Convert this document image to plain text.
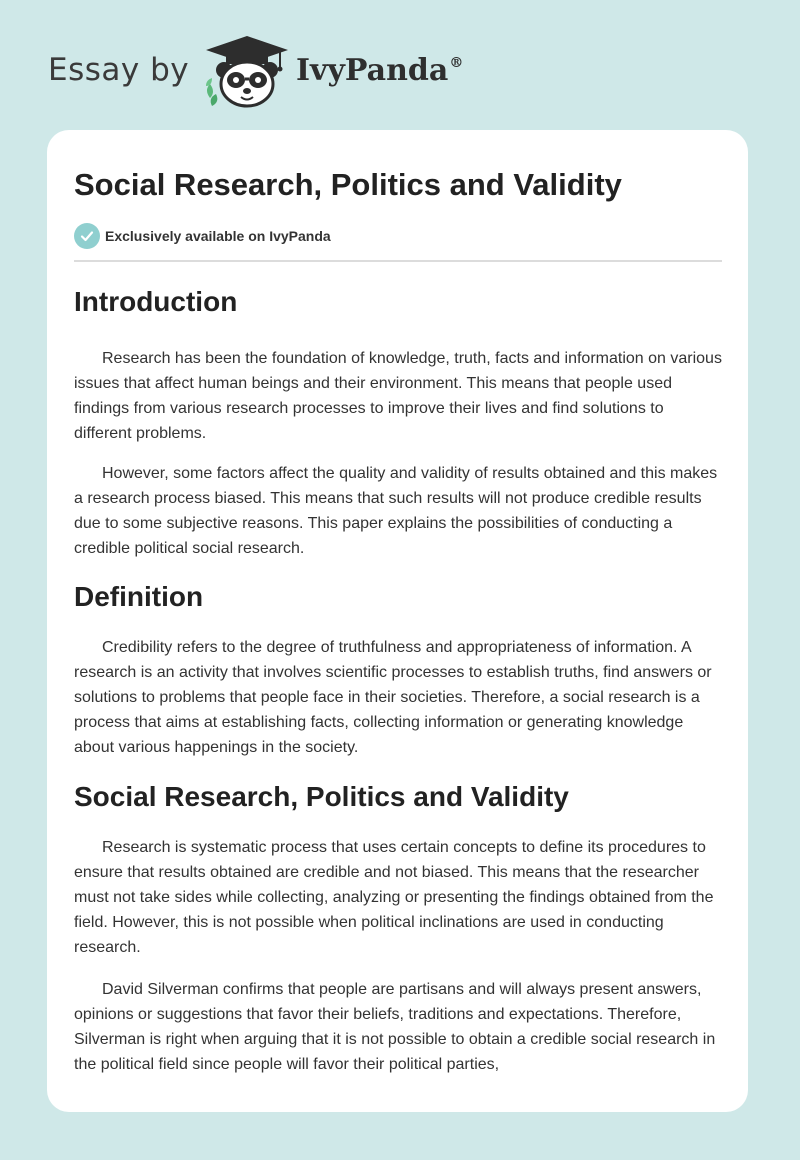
Essay by	IvyPanda®
Social Research, Politics and Validity
Exclusively available on IvyPanda
Introduction

Research has been the foundation of knowledge, truth, facts and information on various issues that affect human beings and their environment. This means that people used findings from various research processes to improve their lives and find solutions to different problems.

However, some factors affect the quality and validity of results obtained and this makes a research process biased. This means that such results will not produce credible results due to some subjective reasons. This paper explains the possibilities of conducting a credible political social research.

Definition

Credibility refers to the degree of truthfulness and appropriateness of information. A research is an activity that involves scientific processes to establish truths, find answers or solutions to problems that people face in their societies. Therefore, a social research is a process that aims at establishing facts, collecting information or generating knowledge about various happenings in the society.

Social Research, Politics and Validity

Research is systematic process that uses certain concepts to define its procedures to ensure that results obtained are credible and not biased. This means that the researcher must not take sides while collecting, analyzing or presenting the findings obtained from the field. However, this is not possible when political inclinations are used in conducting research.

David Silverman confirms that people are partisans and will always present answers, opinions or suggestions that favor their beliefs, traditions and expectations. Therefore, Silverman is right when arguing that it is not possible to obtain a credible social research in the political field since people will favor their political parties,
